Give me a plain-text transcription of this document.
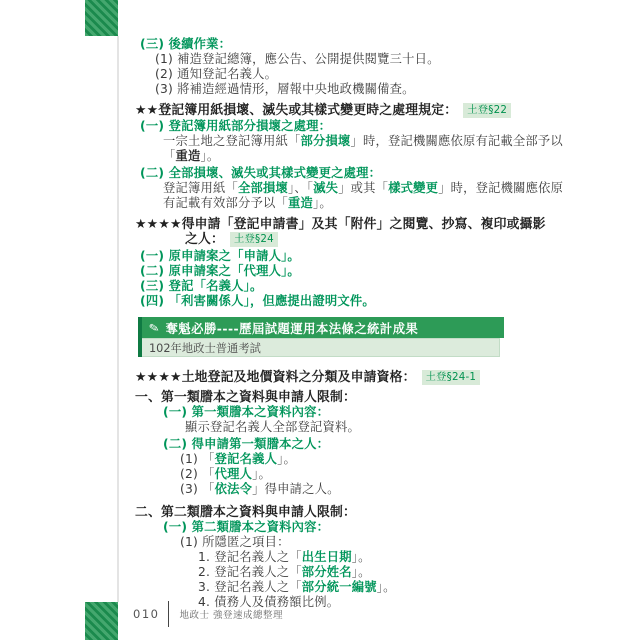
(三) 後續作業：
(1) 補造登記總簿，應公告、公開提供閱覽三十日。
(2) 通知登記名義人。
(3) 將補造經過情形，層報中央地政機關備查。
★★登記簿用紙損壞、滅失或其樣式變更時之處理規定： 土登§22
(一) 登記簿用紙部分損壞之處理：
一宗土地之登記簿用紙「部分損壞」時，登記機關應依原有記載全部予以
「重造」。
(二) 全部損壞、滅失或其樣式變更之處理：
登記簿用紙「全部損壞」、「滅失」或其「樣式變更」時，登記機關應依原
有記載有效部分予以「重造」。
★★★★得申請「登記申請書」及其「附件」之閱覽、抄寫、複印或攝影
之人： 土登§24
(一) 原申請案之「申請人」。
(二) 原申請案之「代理人」。
(三) 登記「名義人」。
(四) 「利害關係人」，但應提出證明文件。
✎ 奪魁必勝----歷屆試題運用本法條之統計成果
102年地政士普通考試
★★★★土地登記及地價資料之分類及申請資格： 土登§24-1
一、第一類謄本之資料與申請人限制：
(一) 第一類謄本之資料內容：
顯示登記名義人全部登記資料。
(二) 得申請第一類謄本之人：
(1) 「登記名義人」。
(2) 「代理人」。
(3) 「依法令」得申請之人。
二、第二類謄本之資料與申請人限制：
(一) 第二類謄本之資料內容：
(1) 所隱匿之項目：
1. 登記名義人之「出生日期」。
2. 登記名義人之「部分姓名」。
3. 登記名義人之「部分統一編號」。
4. 債務人及債務額比例。
010 地政士 強登速成總整理
